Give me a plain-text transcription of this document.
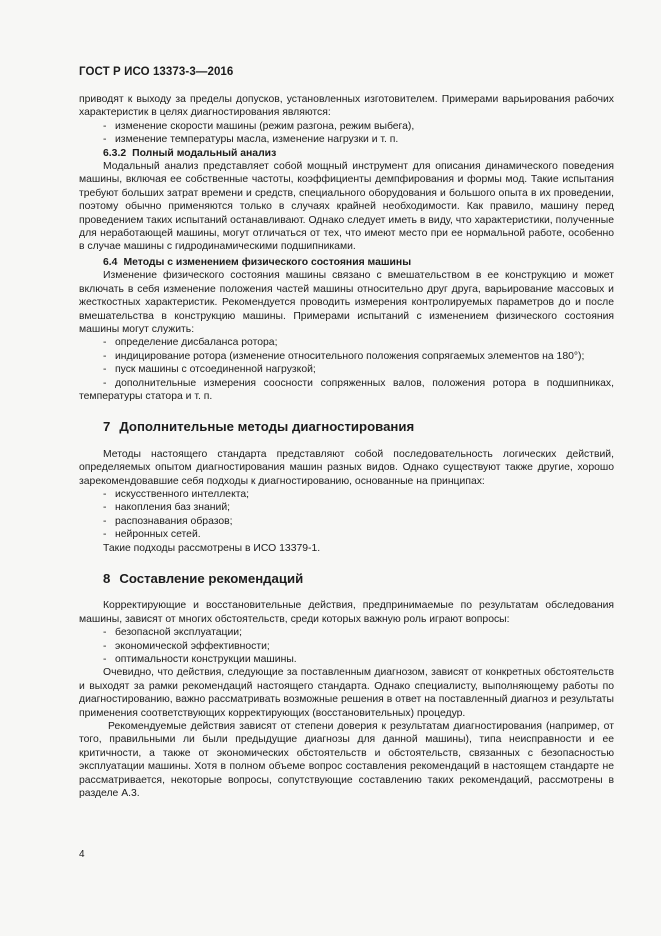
ГОСТ Р ИСО 13373-3—2016

приводят к выходу за пределы допусков, установленных изготовителем. Примерами варьирования рабочих характеристик в целях диагностирования являются:

- изменение скорости машины (режим разгона, режим выбега),

- изменение температуры масла, изменение нагрузки и т. п.

6.3.2 Полный модальный анализ

Модальный анализ представляет собой мощный инструмент для описания динамического поведения машины, включая ее собственные частоты, коэффициенты демпфирования и формы мод. Такие испытания требуют больших затрат времени и средств, специального оборудования и большого опыта в их проведении, поэтому обычно применяются только в случаях крайней необходимости. Как правило, машину перед проведением таких испытаний останавливают. Однако следует иметь в виду, что характеристики, полученные для неработающей машины, могут отличаться от тех, что имеют место при ее нормальной работе, особенно в случае машины с гидродинамическими подшипниками.

6.4 Методы с изменением физического состояния машины

Изменение физического состояния машины связано с вмешательством в ее конструкцию и может включать в себя изменение положения частей машины относительно друг друга, варьирование массовых и жесткостных характеристик. Рекомендуется проводить измерения контролируемых параметров до и после вмешательства в конструкцию машины. Примерами испытаний с изменением физического состояния машины могут служить:

- определение дисбаланса ротора;

- индицирование ротора (изменение относительного положения сопрягаемых элементов на 180°);

- пуск машины с отсоединенной нагрузкой;

- дополнительные измерения соосности сопряженных валов, положения ротора в подшипниках, температуры статора и т. п.

7 Дополнительные методы диагностирования

Методы настоящего стандарта представляют собой последовательность логических действий, определяемых опытом диагностирования машин разных видов. Однако существуют также другие, хорошо зарекомендовавшие себя подходы к диагностированию, основанные на принципах:

- искусственного интеллекта;

- накопления баз знаний;

- распознавания образов;

- нейронных сетей.

Такие подходы рассмотрены в ИСО 13379-1.

8 Составление рекомендаций

Корректирующие и восстановительные действия, предпринимаемые по результатам обследования машины, зависят от многих обстоятельств, среди которых важную роль играют вопросы:

- безопасной эксплуатации;

- экономической эффективности;

- оптимальности конструкции машины.

Очевидно, что действия, следующие за поставленным диагнозом, зависят от конкретных обстоятельств и выходят за рамки рекомендаций настоящего стандарта. Однако специалисту, выполняющему работы по диагностированию, важно рассматривать возможные решения в ответ на поставленный диагноз и результаты применения соответствующих корректирующих (восстановительных) процедур.

Рекомендуемые действия зависят от степени доверия к результатам диагностирования (например, от того, правильными ли были предыдущие диагнозы для данной машины), типа неисправности и ее критичности, а также от экономических обстоятельств и обстоятельств, связанных с безопасностью эксплуатации машины. Хотя в полном объеме вопрос составления рекомендаций в настоящем стандарте не рассматривается, некоторые вопросы, сопутствующие составлению таких рекомендаций, рассмотрены в разделе А.3.

4
